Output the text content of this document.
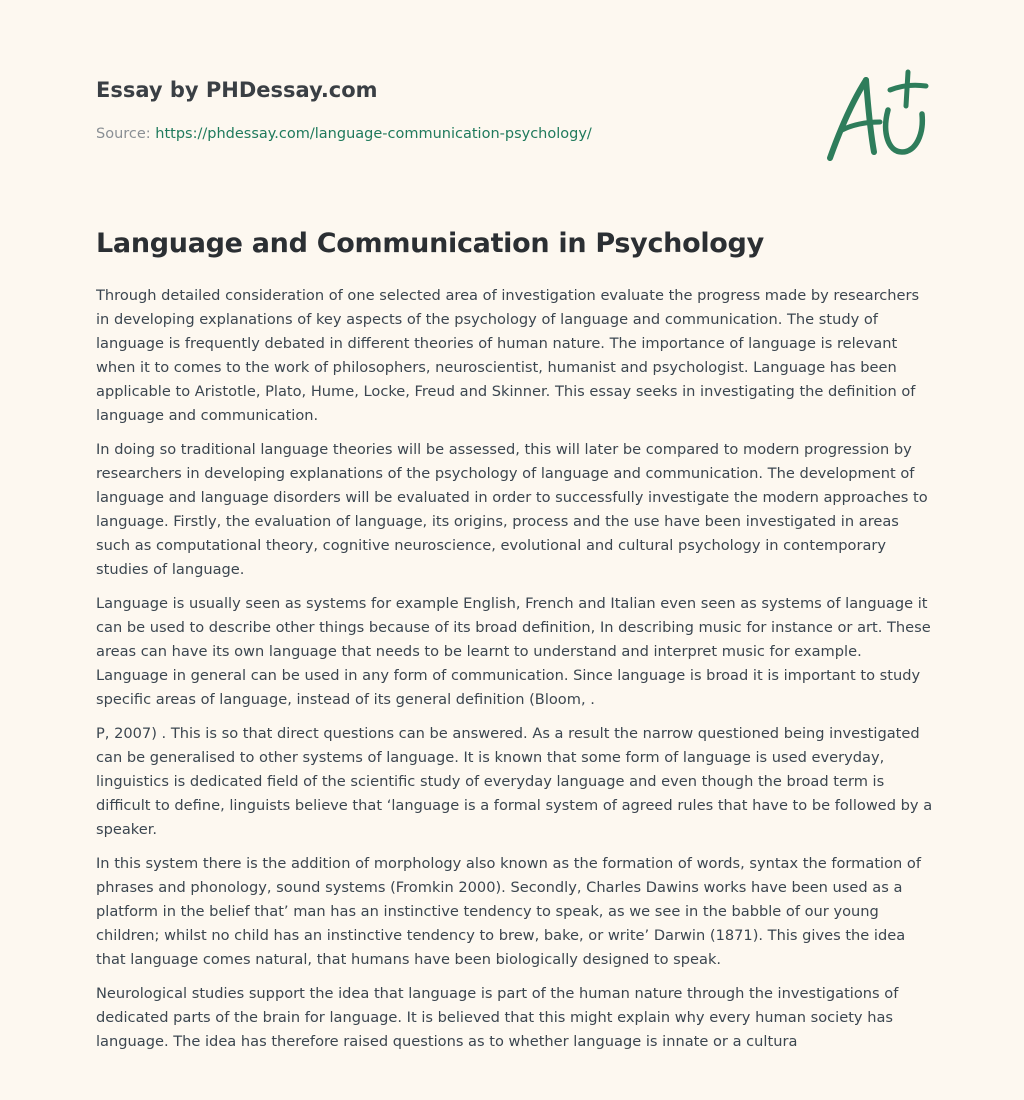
Essay by PHDessay.com
Source: https://phdessay.com/language-communication-psychology/
Language and Communication in Psychology

Through detailed consideration of one selected area of investigation evaluate the progress made by researchers in developing explanations of key aspects of the psychology of language and communication. The study of language is frequently debated in different theories of human nature. The importance of language is relevant when it to comes to the work of philosophers, neuroscientist, humanist and psychologist. Language has been applicable to Aristotle, Plato, Hume, Locke, Freud and Skinner. This essay seeks in investigating the definition of language and communication.

In doing so traditional language theories will be assessed, this will later be compared to modern progression by researchers in developing explanations of the psychology of language and communication. The development of language and language disorders will be evaluated in order to successfully investigate the modern approaches to language. Firstly, the evaluation of language, its origins, process and the use have been investigated in areas such as computational theory, cognitive neuroscience, evolutional and cultural psychology in contemporary studies of language.

Language is usually seen as systems for example English, French and Italian even seen as systems of language it can be used to describe other things because of its broad definition, In describing music for instance or art. These areas can have its own language that needs to be learnt to understand and interpret music for example. Language in general can be used in any form of communication. Since language is broad it is important to study specific areas of language, instead of its general definition (Bloom, .

P, 2007) . This is so that direct questions can be answered. As a result the narrow questioned being investigated can be generalised to other systems of language. It is known that some form of language is used everyday, linguistics is dedicated field of the scientific study of everyday language and even though the broad term is difficult to define, linguists believe that ‘language is a formal system of agreed rules that have to be followed by a speaker.

In this system there is the addition of morphology also known as the formation of words, syntax the formation of phrases and phonology, sound systems (Fromkin 2000). Secondly, Charles Dawins works have been used as a platform in the belief that’ man has an instinctive tendency to speak, as we see in the babble of our young children; whilst no child has an instinctive tendency to brew, bake, or write’ Darwin (1871). This gives the idea that language comes natural, that humans have been biologically designed to speak.

Neurological studies support the idea that language is part of the human nature through the investigations of dedicated parts of the brain for language. It is believed that this might explain why every human society has language. The idea has therefore raised questions as to whether language is innate or a cultura
